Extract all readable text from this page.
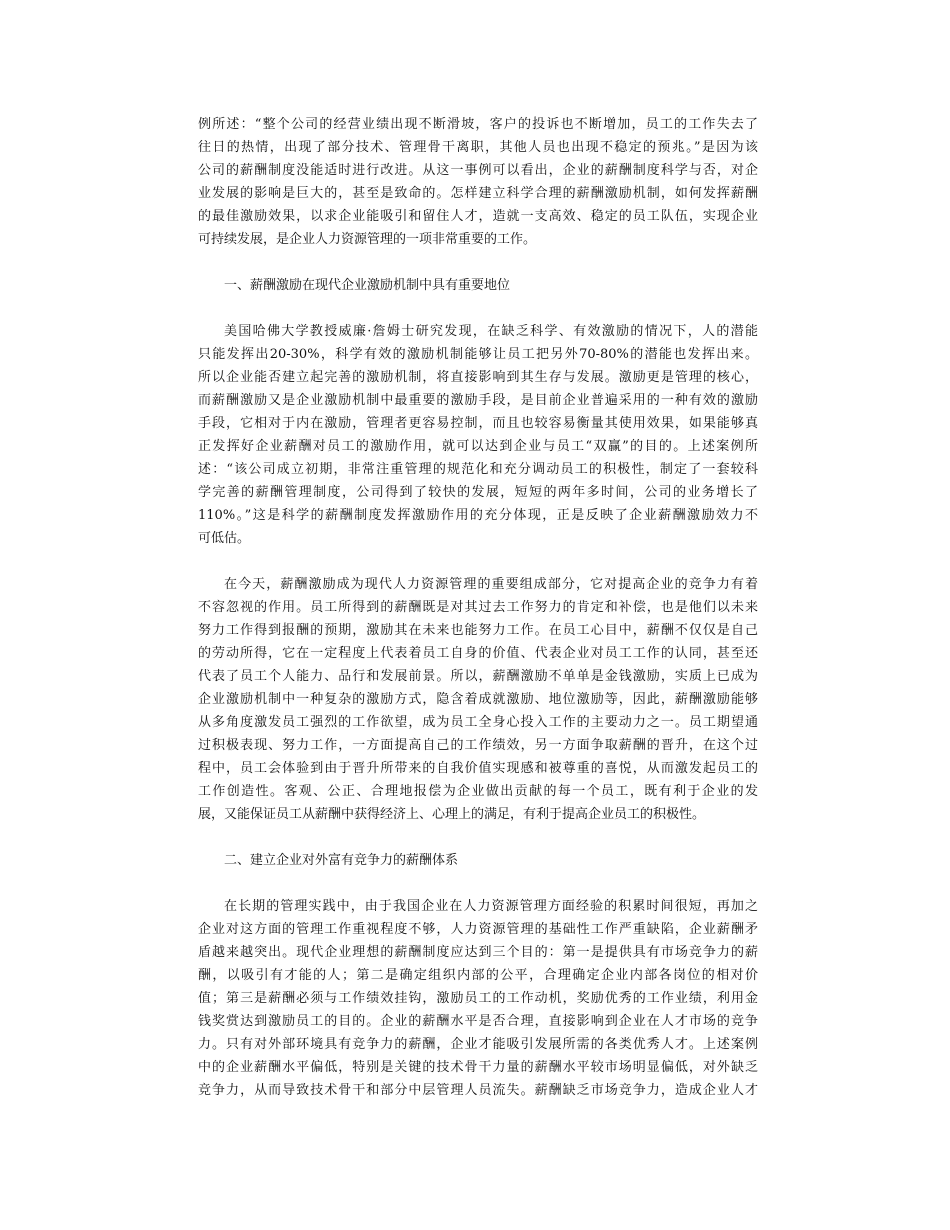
例所述：“整个公司的经营业绩出现不断滑坡，客户的投诉也不断增加，员工的工作失去了
往日的热情，出现了部分技术、管理骨干离职，其他人员也出现不稳定的预兆。”是因为该
公司的薪酬制度没能适时进行改进。从这一事例可以看出，企业的薪酬制度科学与否，对企
业发展的影响是巨大的，甚至是致命的。怎样建立科学合理的薪酬激励机制，如何发挥薪酬
的最佳激励效果，以求企业能吸引和留住人才，造就一支高效、稳定的员工队伍，实现企业
可持续发展，是企业人力资源管理的一项非常重要的工作。
一、薪酬激励在现代企业激励机制中具有重要地位
美国哈佛大学教授威廉·詹姆士研究发现，在缺乏科学、有效激励的情况下，人的潜能
只能发挥出20-30%，科学有效的激励机制能够让员工把另外70-80%的潜能也发挥出来。
所以企业能否建立起完善的激励机制，将直接影响到其生存与发展。激励更是管理的核心，
而薪酬激励又是企业激励机制中最重要的激励手段，是目前企业普遍采用的一种有效的激励
手段，它相对于内在激励，管理者更容易控制，而且也较容易衡量其使用效果，如果能够真
正发挥好企业薪酬对员工的激励作用，就可以达到企业与员工“双赢”的目的。上述案例所
述：“该公司成立初期，非常注重管理的规范化和充分调动员工的积极性，制定了一套较科
学完善的薪酬管理制度，公司得到了较快的发展，短短的两年多时间，公司的业务增长了
110%。”这是科学的薪酬制度发挥激励作用的充分体现，正是反映了企业薪酬激励效力不
可低估。
在今天，薪酬激励成为现代人力资源管理的重要组成部分，它对提高企业的竞争力有着
不容忽视的作用。员工所得到的薪酬既是对其过去工作努力的肯定和补偿，也是他们以未来
努力工作得到报酬的预期，激励其在未来也能努力工作。在员工心目中，薪酬不仅仅是自己
的劳动所得，它在一定程度上代表着员工自身的价值、代表企业对员工工作的认同，甚至还
代表了员工个人能力、品行和发展前景。所以，薪酬激励不单单是金钱激励，实质上已成为
企业激励机制中一种复杂的激励方式，隐含着成就激励、地位激励等，因此，薪酬激励能够
从多角度激发员工强烈的工作欲望，成为员工全身心投入工作的主要动力之一。员工期望通
过积极表现、努力工作，一方面提高自己的工作绩效，另一方面争取薪酬的晋升，在这个过
程中，员工会体验到由于晋升所带来的自我价值实现感和被尊重的喜悦，从而激发起员工的
工作创造性。客观、公正、合理地报偿为企业做出贡献的每一个员工，既有利于企业的发
展，又能保证员工从薪酬中获得经济上、心理上的满足，有利于提高企业员工的积极性。
二、建立企业对外富有竞争力的薪酬体系
在长期的管理实践中，由于我国企业在人力资源管理方面经验的积累时间很短，再加之
企业对这方面的管理工作重视程度不够，人力资源管理的基础性工作严重缺陷，企业薪酬矛
盾越来越突出。现代企业理想的薪酬制度应达到三个目的：第一是提供具有市场竞争力的薪
酬，以吸引有才能的人；第二是确定组织内部的公平，合理确定企业内部各岗位的相对价
值；第三是薪酬必须与工作绩效挂钩，激励员工的工作动机，奖励优秀的工作业绩，利用金
钱奖赏达到激励员工的目的。企业的薪酬水平是否合理，直接影响到企业在人才市场的竞争
力。只有对外部环境具有竞争力的薪酬，企业才能吸引发展所需的各类优秀人才。上述案例
中的企业薪酬水平偏低，特别是关键的技术骨干力量的薪酬水平较市场明显偏低，对外缺乏
竞争力，从而导致技术骨干和部分中层管理人员流失。薪酬缺乏市场竞争力，造成企业人才
